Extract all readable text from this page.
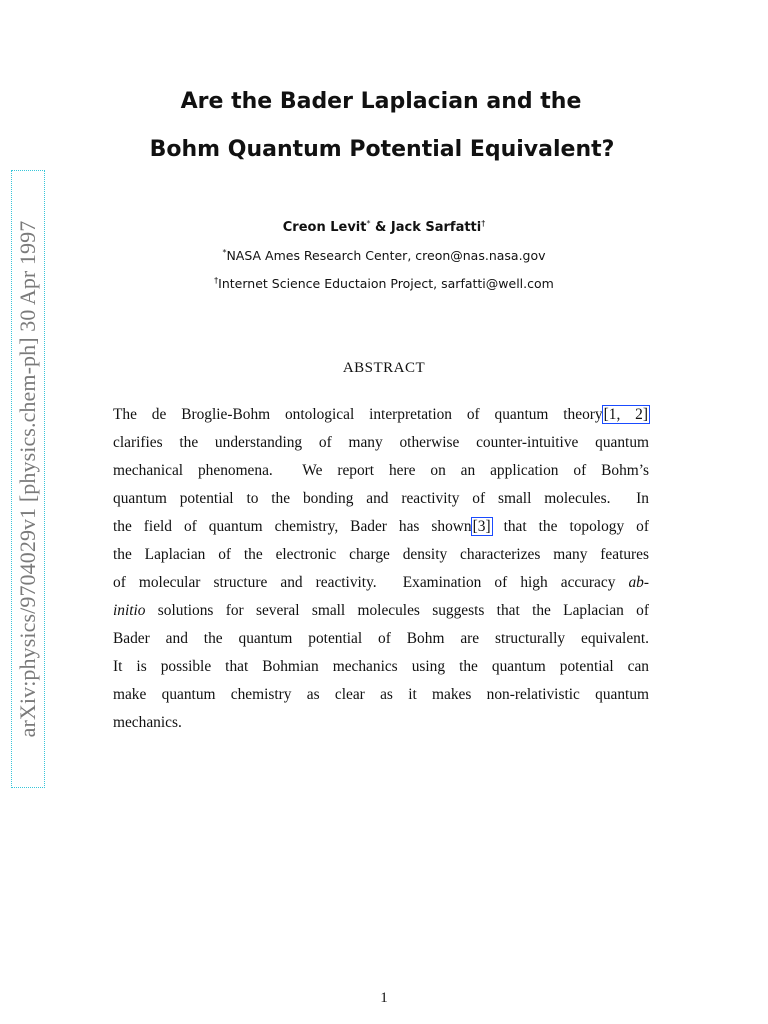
arXiv:physics/9704029v1 [physics.chem-ph] 30 Apr 1997
Are the Bader Laplacian and the
Bohm Quantum Potential Equivalent?
Creon Levit* & Jack Sarfatti†
*NASA Ames Research Center, creon@nas.nasa.gov
†Internet Science Eductaion Project, sarfatti@well.com
ABSTRACT
The de Broglie-Bohm ontological interpretation of quantum theory[1, 2]
clarifies the understanding of many otherwise counter-intuitive quantum
mechanical phenomena.  We report here on an application of Bohm’s
quantum potential to the bonding and reactivity of small molecules.  In
the field of quantum chemistry, Bader has shown[3] that the topology of
the Laplacian of the electronic charge density characterizes many features
of molecular structure and reactivity.  Examination of high accuracy ab-
initio solutions for several small molecules suggests that the Laplacian of
Bader and the quantum potential of Bohm are structurally equivalent.
It is possible that Bohmian mechanics using the quantum potential can
make quantum chemistry as clear as it makes non-relativistic quantum
mechanics.
1
